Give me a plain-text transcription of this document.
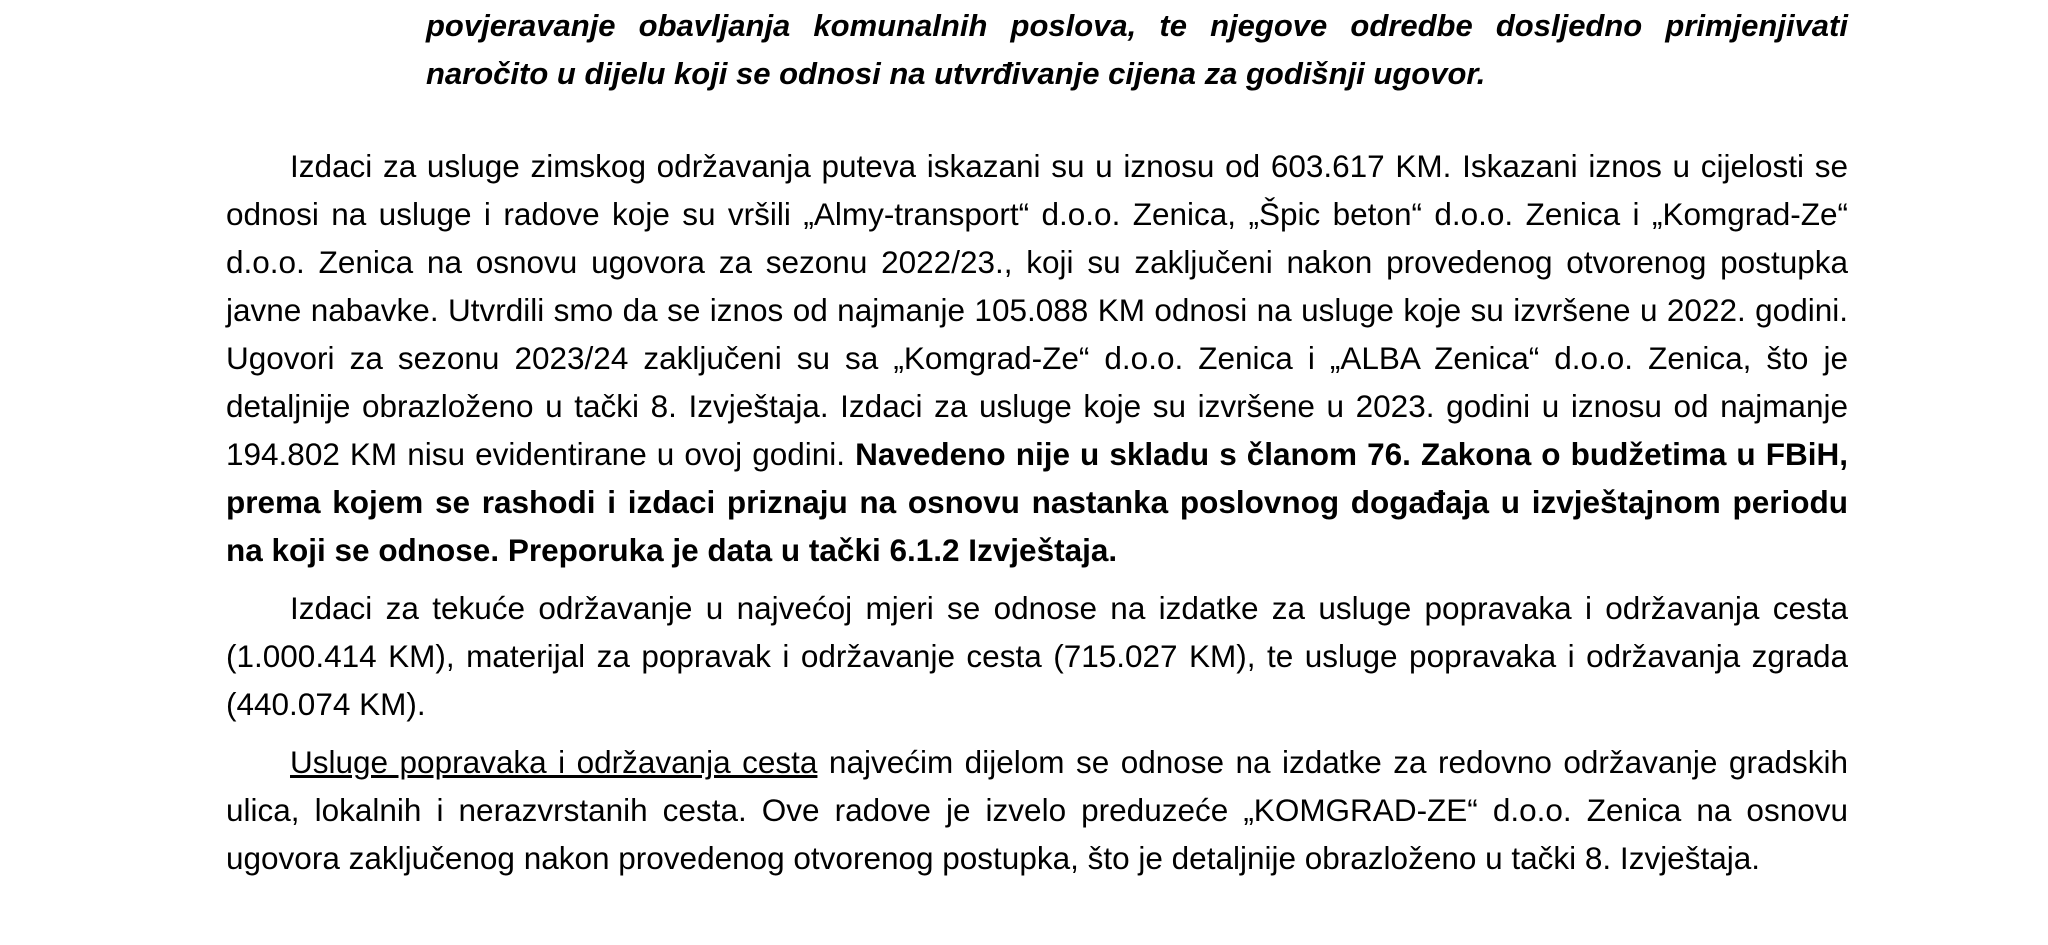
povjeravanje obavljanja komunalnih poslova, te njegove odredbe dosljedno primjenjivati naročito u dijelu koji se odnosi na utvrđivanje cijena za godišnji ugovor.

Izdaci za usluge zimskog održavanja puteva iskazani su u iznosu od 603.617 KM. Iskazani iznos u cijelosti se odnosi na usluge i radove koje su vršili „Almy-transport“ d.o.o. Zenica, „Špic beton“ d.o.o. Zenica i „Komgrad-Ze“ d.o.o. Zenica na osnovu ugovora za sezonu 2022/23., koji su zaključeni nakon provedenog otvorenog postupka javne nabavke. Utvrdili smo da se iznos od najmanje 105.088 KM odnosi na usluge koje su izvršene u 2022. godini. Ugovori za sezonu 2023/24 zaključeni su sa „Komgrad-Ze“ d.o.o. Zenica i „ALBA Zenica“ d.o.o. Zenica, što je detaljnije obrazloženo u tački 8. Izvještaja. Izdaci za usluge koje su izvršene u 2023. godini u iznosu od najmanje 194.802 KM nisu evidentirane u ovoj godini. Navedeno nije u skladu s članom 76. Zakona o budžetima u FBiH, prema kojem se rashodi i izdaci priznaju na osnovu nastanka poslovnog događaja u izvještajnom periodu na koji se odnose. Preporuka je data u tački 6.1.2 Izvještaja.

Izdaci za tekuće održavanje u najvećoj mjeri se odnose na izdatke za usluge popravaka i održavanja cesta (1.000.414 KM), materijal za popravak i održavanje cesta (715.027 KM), te usluge popravaka i održavanja zgrada (440.074 KM).

Usluge popravaka i održavanja cesta najvećim dijelom se odnose na izdatke za redovno održavanje gradskih ulica, lokalnih i nerazvrstanih cesta. Ove radove je izvelo preduzeće „KOMGRAD-ZE“ d.o.o. Zenica na osnovu ugovora zaključenog nakon provedenog otvorenog postupka, što je detaljnije obrazloženo u tački 8. Izvještaja.
